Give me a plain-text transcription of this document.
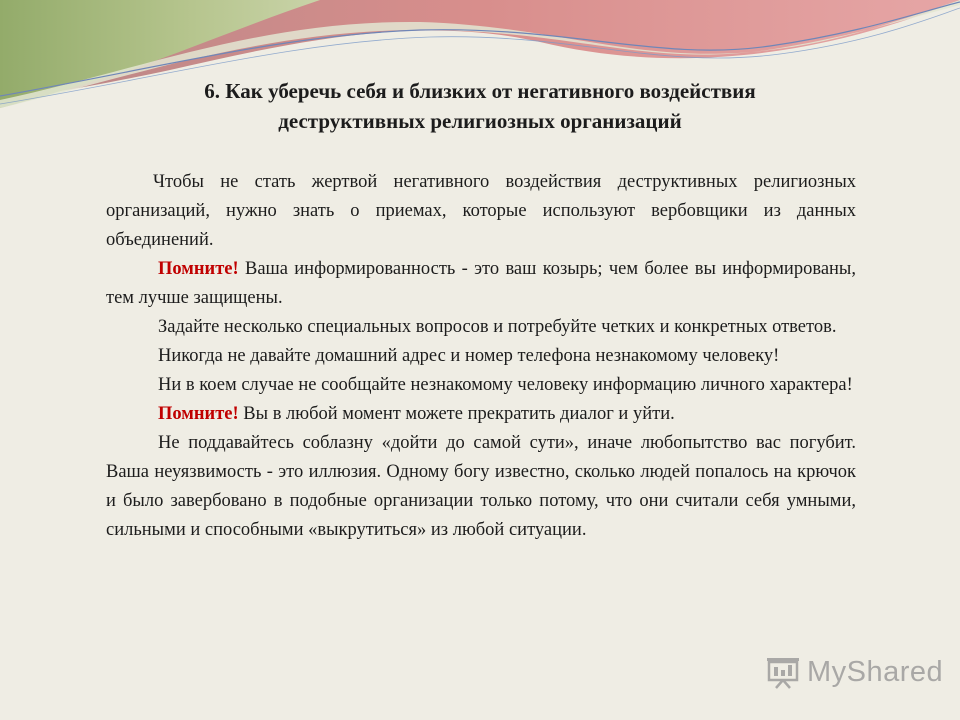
6. Как уберечь себя и близких от негативного воздействия
деструктивных религиозных организаций

Чтобы не стать жертвой негативного воздействия деструктивных религиозных организаций, нужно знать о приемах, которые используют вербовщики из данных объединений.

Помните! Ваша информированность - это ваш козырь; чем более вы информированы, тем лучше защищены.

Задайте несколько специальных вопросов и потребуйте четких и конкретных ответов.

Никогда не давайте домашний адрес и номер телефона незнакомому человеку!

Ни в коем случае не сообщайте незнакомому человеку информацию личного характера!

Помните! Вы в любой момент можете прекратить диалог и уйти.

Не поддавайтесь соблазну «дойти до самой сути», иначе любопытство вас погубит. Ваша неуязвимость - это иллюзия. Одному богу известно, сколько людей попалось на крючок и было завербовано в подобные организации только потому, что они считали себя умными, сильными и способными «выкрутиться» из любой ситуации.

MyShared
